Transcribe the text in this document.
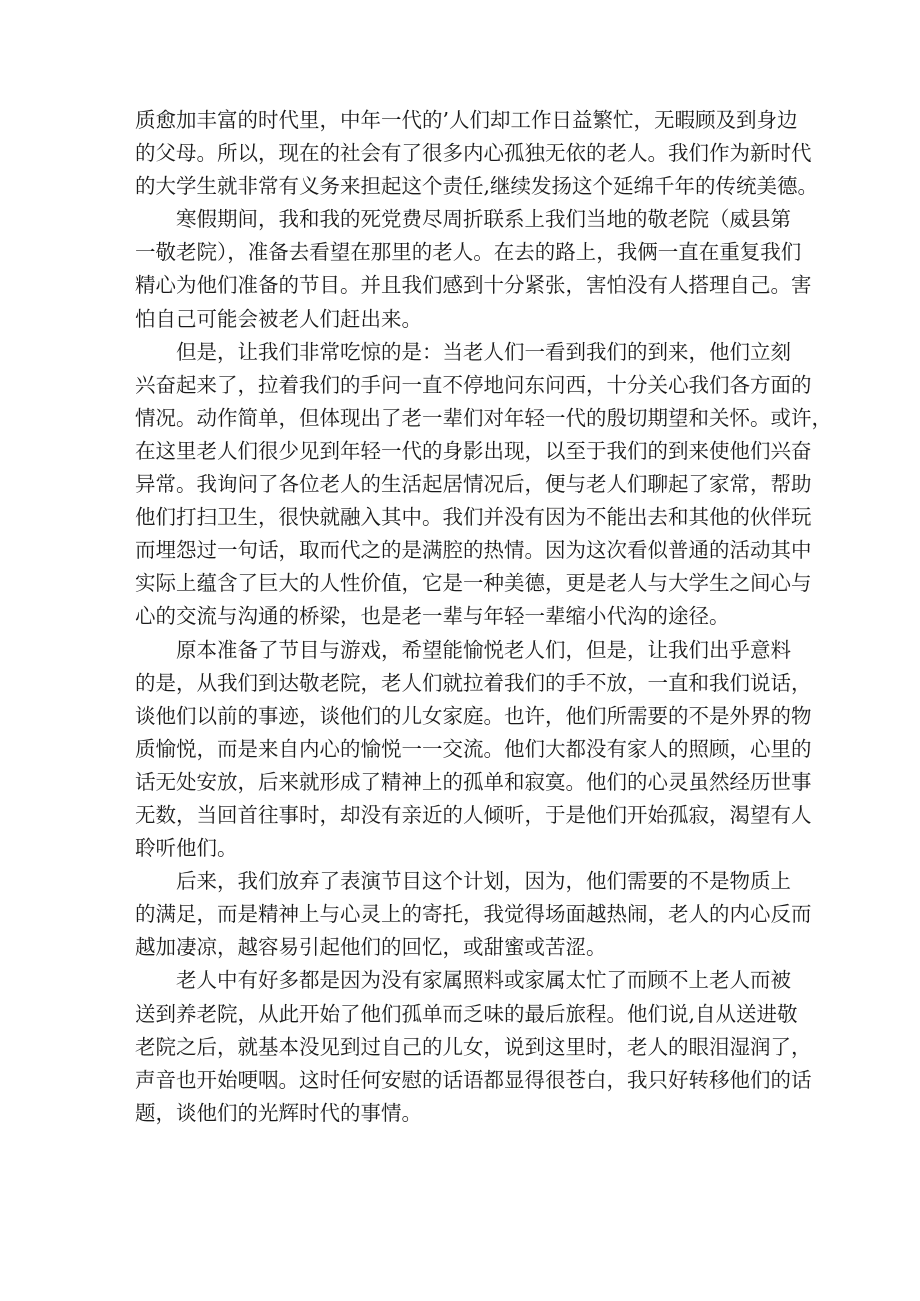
质愈加丰富的时代里，中年一代的’人们却工作日益繁忙，无暇顾及到身边
的父母。所以，现在的社会有了很多内心孤独无依的老人。我们作为新时代
的大学生就非常有义务来担起这个责任,继续发扬这个延绵千年的传统美德。

寒假期间，我和我的死党费尽周折联系上我们当地的敬老院（威县第
一敬老院），准备去看望在那里的老人。在去的路上，我俩一直在重复我们
精心为他们准备的节目。并且我们感到十分紧张，害怕没有人搭理自己。害
怕自己可能会被老人们赶出来。

但是，让我们非常吃惊的是：当老人们一看到我们的到来，他们立刻
兴奋起来了，拉着我们的手问一直不停地问东问西，十分关心我们各方面的
情况。动作简单，但体现出了老一辈们对年轻一代的殷切期望和关怀。或许，
在这里老人们很少见到年轻一代的身影出现，以至于我们的到来使他们兴奋
异常。我询问了各位老人的生活起居情况后，便与老人们聊起了家常，帮助
他们打扫卫生，很快就融入其中。我们并没有因为不能出去和其他的伙伴玩
而埋怨过一句话，取而代之的是满腔的热情。因为这次看似普通的活动其中
实际上蕴含了巨大的人性价值，它是一种美德，更是老人与大学生之间心与
心的交流与沟通的桥梁，也是老一辈与年轻一辈缩小代沟的途径。

原本准备了节目与游戏，希望能愉悦老人们，但是，让我们出乎意料
的是，从我们到达敬老院，老人们就拉着我们的手不放，一直和我们说话，
谈他们以前的事迹，谈他们的儿女家庭。也许，他们所需要的不是外界的物
质愉悦，而是来自内心的愉悦一一交流。他们大都没有家人的照顾，心里的
话无处安放，后来就形成了精神上的孤单和寂寞。他们的心灵虽然经历世事
无数，当回首往事时，却没有亲近的人倾听，于是他们开始孤寂，渴望有人
聆听他们。

后来，我们放弃了表演节目这个计划，因为，他们需要的不是物质上
的满足，而是精神上与心灵上的寄托，我觉得场面越热闹，老人的内心反而
越加凄凉，越容易引起他们的回忆，或甜蜜或苦涩。

老人中有好多都是因为没有家属照料或家属太忙了而顾不上老人而被
送到养老院，从此开始了他们孤单而乏味的最后旅程。他们说,自从送进敬
老院之后，就基本没见到过自己的儿女，说到这里时，老人的眼泪湿润了，
声音也开始哽咽。这时任何安慰的话语都显得很苍白，我只好转移他们的话
题，谈他们的光辉时代的事情。
